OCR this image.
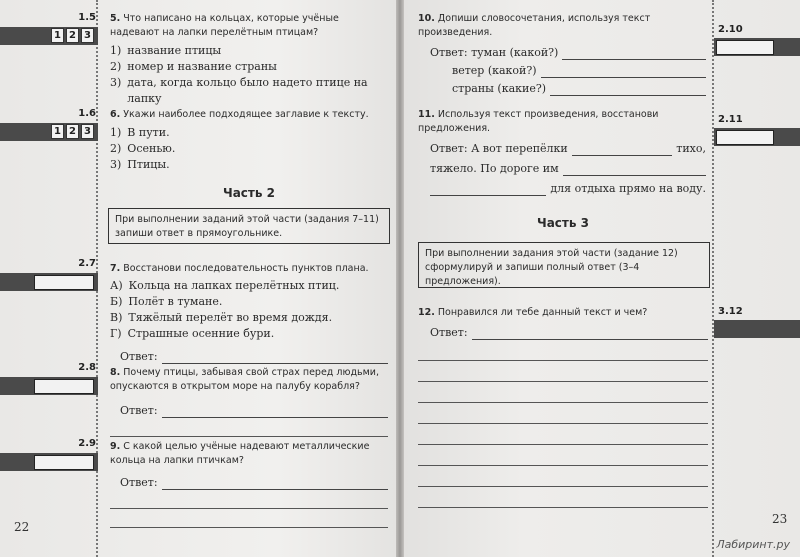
1.5
1 2 3
1.6
1 2 3
2.7
2.8
2.9
5. Что написано на кольцах, которые учёные надевают на лапки перелётным птицам?
1) название птицы
2) номер и название страны
3) дата, когда кольцо было надето птице на лапку
6. Укажи наиболее подходящее заглавие к тексту.
1) В пути.
2) Осенью.
3) Птицы.
Часть 2
При выполнении заданий этой части (задания 7–11) запиши ответ в прямоугольнике.
7. Восстанови последовательность пунктов плана.
А) Кольца на лапках перелётных птиц.
Б) Полёт в тумане.
В) Тяжёлый перелёт во время дождя.
Г) Страшные осенние бури.
Ответ:
8. Почему птицы, забывая свой страх перед людьми, опускаются в открытом море на палубу корабля?
Ответ:
9. С какой целью учёные надевают металлические кольца на лапки птичкам?
Ответ:
22
10. Допиши словосочетания, используя текст произведения.
Ответ: туман (какой?)
ветер (какой?)
страны (какие?)
11. Используя текст произведения, восстанови предложения.
Ответ: А вот перепёлки	тихо,
тяжело. По дороге им
для отдыха прямо на воду.
Часть 3
При выполнении задания этой части (задание 12) сформулируй и запиши полный ответ (3–4 предложения).
12. Понравился ли тебе данный текст и чем?
Ответ:
2.10
2.11
3.12
23
Лабиринт.ру
